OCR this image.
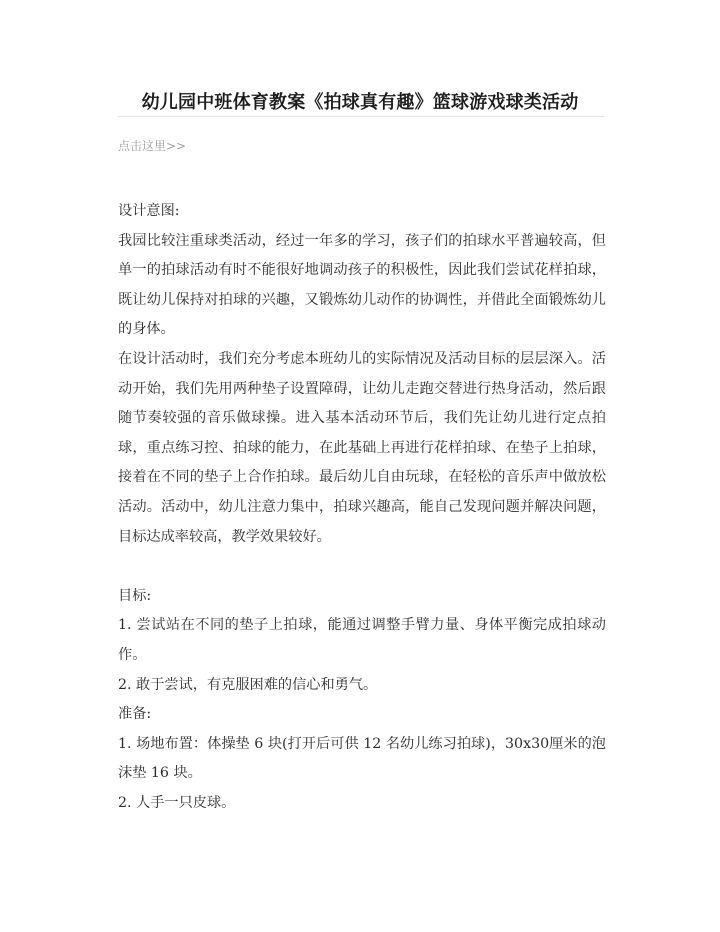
幼儿园中班体育教案《拍球真有趣》篮球游戏球类活动
点击这里>>

设计意图:

我园比较注重球类活动，经过一年多的学习，孩子们的拍球水平普遍较高，但单一的拍球活动有时不能很好地调动孩子的积极性，因此我们尝试花样拍球，既让幼儿保持对拍球的兴趣，又锻炼幼儿动作的协调性，并借此全面锻炼幼儿的身体。

在设计活动时，我们充分考虑本班幼儿的实际情况及活动目标的层层深入。活动开始，我们先用两种垫子设置障碍，让幼儿走跑交替进行热身活动，然后跟随节奏较强的音乐做球操。进入基本活动环节后，我们先让幼儿进行定点拍球，重点练习控、拍球的能力，在此基础上再进行花样拍球、在垫子上拍球，接着在不同的垫子上合作拍球。最后幼儿自由玩球，在轻松的音乐声中做放松活动。活动中，幼儿注意力集中，拍球兴趣高，能自己发现问题并解决问题，目标达成率较高，教学效果较好。

目标:

1. 尝试站在不同的垫子上拍球，能通过调整手臂力量、身体平衡完成拍球动作。

2. 敢于尝试，有克服困难的信心和勇气。

准备:

1. 场地布置：体操垫 6 块(打开后可供 12 名幼儿练习拍球)，30x30厘米的泡沫垫 16 块。

2. 人手一只皮球。
